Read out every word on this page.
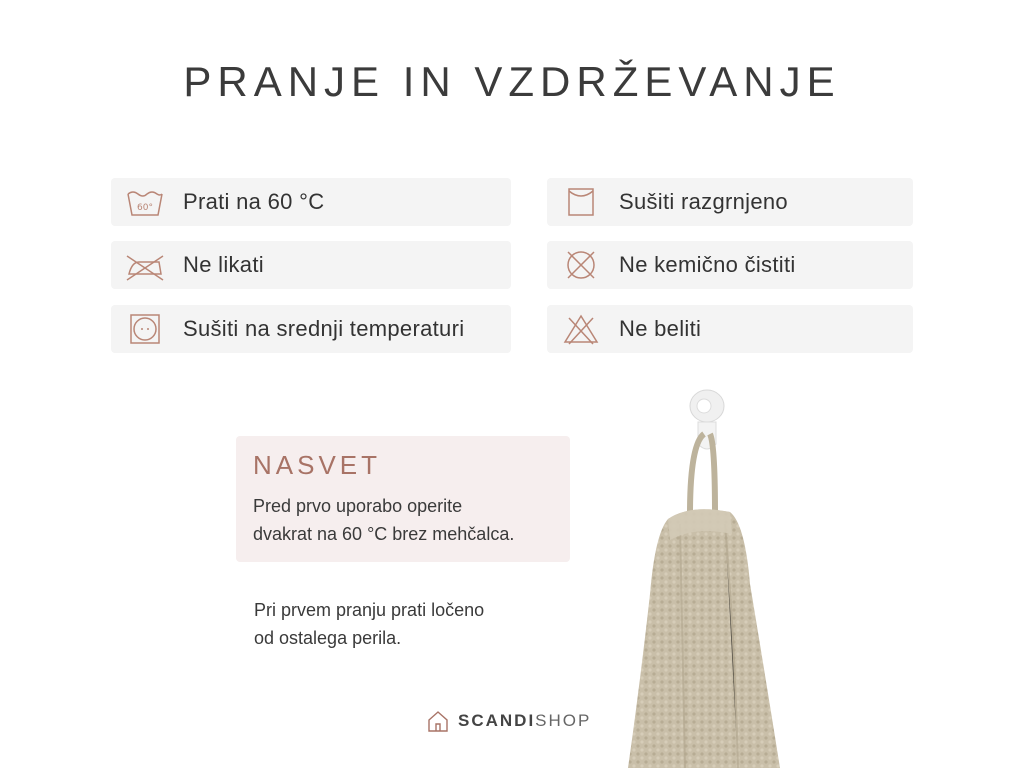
PRANJE IN VZDRŽEVANJE
60° Prati na 60 °C
Ne likati
Sušiti na srednji temperaturi
Sušiti razgrnjeno
Ne kemično čistiti
Ne beliti
NASVET
Pred prvo uporabo operite
dvakrat na 60 °C brez mehčalca.
Pri prvem pranju prati ločeno
od ostalega perila.
SCANDISHOP
